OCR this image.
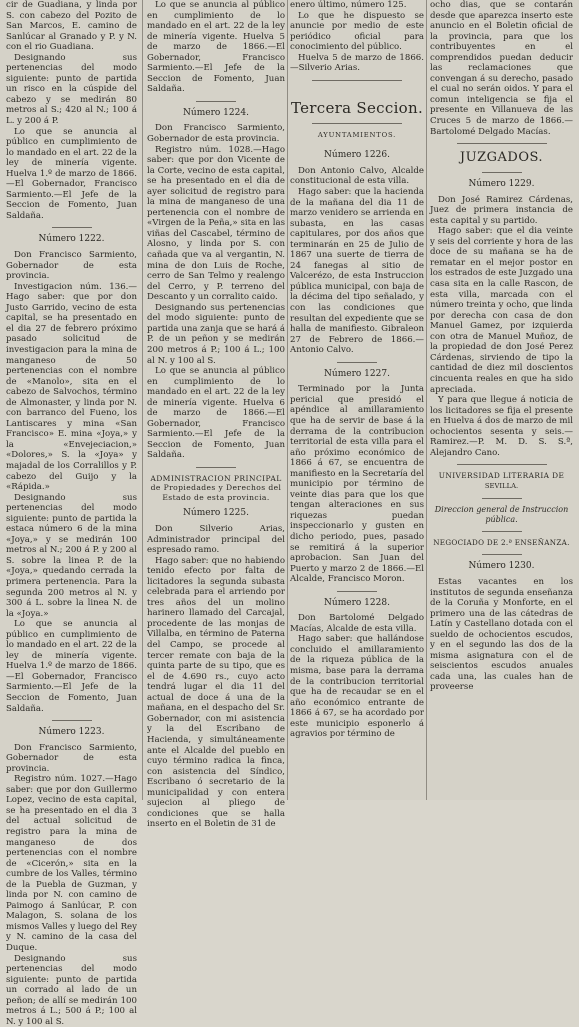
cir de Guadiana, y linda por S. con cabezo del Pozito de San Marcos, E. camino de Sanlúcar al Granado y P. y N. con el rio Guadiana.

Designando sus pertenencias del modo siguiente: punto de partida un risco en la cúspide del cabezo y se medirán 80 metros al S.; 420 al N.; 100 á L. y 200 á P.

Lo que se anuncia al público en cumplimiento de lo mandado en el art. 22 de la ley de minería vigente. Huelva 1.º de marzo de 1866.—El Gobernador, Francisco Sarmiento.—El Jefe de la Seccion de Fomento, Juan Saldaña.

Número 1222.

Don Francisco Sarmiento, Gobernador de esta provincia.

Investigacion núm. 136.—Hago saber: que por don Justo Garrido, vecino de esta capital, se ha presentado en el dia 27 de febrero próximo pasado solicitud de investigacion para la mina de manganeso de 50 pertenencias con el nombre de «Manolo», sita en el cabezo de Salvochos, término de Almonaster, y linda por N. con barranco del Fueno, los Lantiscares y mina «San Francisco» E. mina «Joya,» y la «Envejeciacion,» «Dolores,» S. la «Joya» y majadal de los Corralillos y P. cabezo del Guijo y la «Rápida.»

Designando sus pertenencias del modo siguiente: punto de partida la estaca número 6 de la mina «Joya,» y se medirán 100 metros al N.; 200 á P. y 200 al S. sobre la linea P. de la «Joya,» quedando cerrada la primera pertenencia. Para la segunda 200 metros al N. y 300 á L. sobre la linea N. de la «Joya.»

Lo que se anuncia al público en cumplimiento de lo mandado en el art. 22 de la ley de minería vigente. Huelva 1.º de marzo de 1866.—El Gobernador, Francisco Sarmiento.—El Jefe de la Seccion de Fomento, Juan Saldaña.

Número 1223.

Don Francisco Sarmiento, Gobernador de esta provincia.

Registro núm. 1027.—Hago saber: que por don Guillermo Lopez, vecino de esta capital, se ha presentado en el dia 3 del actual solicitud de registro para la mina de manganeso de dos pertenencias con el nombre de «Cicerón,» sita en la cumbre de los Valles, término de la Puebla de Guzman, y linda por N. con camino de Paimogo á Sanlúcar, P. con Malagon, S. solana de los mismos Valles y luego del Rey y N. camino de la casa del Duque.

Designando sus pertenencias del modo siguiente: punto de partida un corrado al lado de un peñon; de allí se medirán 100 metros á L.; 500 á P.; 100 al N. y 100 al S.

Lo que se anuncia al público en cumplimiento de lo mandado en el art. 22 de la ley de minería vigente. Huelva 5 de marzo de 1866.—El Gobernador, Francisco Sarmiento.—El Jefe de la Seccion de Fomento, Juan Saldaña.

Número 1224.

Don Francisco Sarmiento, Gobernador de esta provincia.

Registro núm. 1028.—Hago saber: que por don Vicente de la Corte, vecino de esta capital, se ha presentado en el dia de ayer solicitud de registro para la mina de manganeso de una pertenencia con el nombre de «Virgen de la Peña,» sita en las viñas del Cascabel, término de Alosno, y linda por S. con cañada que va al vergantin, N. mina de don Luis de Roche, cerro de San Telmo y realengo del Cerro, y P. terreno del Descanto y un corralito caido.

Designando sus pertenencias del modo siguiente: punto de partida una zanja que se hará á P. de un peñon y se medirán 200 metros á P.; 100 á L.; 100 al N. y 100 al S.

Lo que se anuncia al público en cumplimiento de lo mandado en el art. 22 de la ley de minería vigente. Huelva 6 de marzo de 1866.—El Gobernador, Francisco Sarmiento.—El Jefe de la Seccion de Fomento, Juan Saldaña.

ADMINISTRACION PRINCIPAL de Propiedades y Derechos del Estado de esta provincia.
Número 1225.

Don Silverio Arias, Administrador principal del espresado ramo.

Hago saber: que no habiendo tenido efecto por falta de licitadores la segunda subasta celebrada para el arriendo por tres años del un molino harinero llamado del Carcajal, procedente de las monjas de Villalba, en término de Paterna del Campo, se procede al tercer remate con baja de la quinta parte de su tipo, que es el de 4.690 rs., cuyo acto tendrá lugar el dia 11 del actual de doce á una de la mañana, en el despacho del Sr. Gobernador, con mi asistencia y la del Escribano de Hacienda, y simultáneamente ante el Alcalde del pueblo en cuyo término radica la finca, con asistencia del Síndico, Escribano ó secretario de la municipalidad y con entera sujecion al pliego de condiciones que se halla inserto en el Boletin de 31 de

enero último, número 125.

Lo que he dispuesto se anuncie por medio de este periódico oficial para conocimiento del público.

Huelva 5 de marzo de 1866. —Silverio Arias.

Tercera Seccion.
AYUNTAMIENTOS.
Número 1226.

Don Antonio Calvo, Alcalde constitucional de esta villa.

Hago saber: que la hacienda de la mañana del dia 11 de marzo venidero se arrienda en subasta, en las casas capitulares, por dos años que terminarán en 25 de Julio de 1867 una suerte de tierra de 24 fanegas al sitio de Valcerézo, de esta Instruccion pública municipal, con baja de la décima del tipo señalado, y con las condiciones que resultan del expediente que se halla de manifiesto. Gibraleon 27 de Febrero de 1866.—Antonio Calvo.

Número 1227.

Terminado por la Junta pericial que presidó el apéndice al amillaramiento que ha de servir de base á la derrama de la contribucion territorial de esta villa para el año próximo económico de 1866 á 67, se encuentra de manifiesto en la Secretaría del municipio por término de veinte dias para que los que tengan alteraciones en sus riquezas puedan inspeccionarlo y gusten en dicho periodo, pues, pasado se remitirá á la superior aprobacion. San Juan del Puerto y marzo 2 de 1866.—El Alcalde, Francisco Moron.

Número 1228.

Don Bartolomé Delgado Macías, Alcalde de esta villa.

Hago saber: que hallándose concluido el amillaramiento de la riqueza pública de la misma, base para la derrama de la contribucion territorial que ha de recaudar se en el año económico entrante de 1866 á 67, se ha acordado por este municipio esponerlo á agravios por término de

ocho dias, que se contarán desde que aparezca inserto este anuncio en el Boletin oficial de la provincia, para que los contribuyentes en el comprendidos puedan deducir las reclamaciones que convengan á su derecho, pasado el cual no serán oidos. Y para el comun inteligencia se fija el presente en Villanueva de las Cruces 5 de marzo de 1866.—Bartolomé Delgado Macías.

JUZGADOS.
Número 1229.

Don José Ramirez Cárdenas, Juez de primera instancia de esta capital y su partido.

Hago saber: que el dia veinte y seis del corriente y hora de las doce de su mañana se ha de rematar en el mejor postor en los estrados de este Juzgado una casa sita en la calle Rascon, de esta villa, marcada con el número treinta y ocho, que linda por derecha con casa de don Manuel Gamez, por izquierda con otra de Manuel Muñoz, de la propiedad de don José Perez Cárdenas, sirviendo de tipo la cantidad de diez mil doscientos cincuenta reales en que ha sido apreciada.

Y para que llegue á noticia de los licitadores se fija el presente en Huelva á dos de marzo de mil ochocientos sesenta y seis.—Ramirez.—P. M. D. S. S.ª, Alejandro Cano.

UNIVERSIDAD LITERARIA DE
SEVILLA.
Direccion general de Instruccion pública.
NEGOCIADO DE 2.ª ENSEÑANZA.
Número 1230.

Estas vacantes en los institutos de segunda enseñanza de la Coruña y Monforte, en el primero una de las cátedras de Latín y Castellano dotada con el sueldo de ochocientos escudos, y en el segundo las dos de la misma asignatura con el de seiscientos escudos anuales cada una, las cuales han de proveerse
